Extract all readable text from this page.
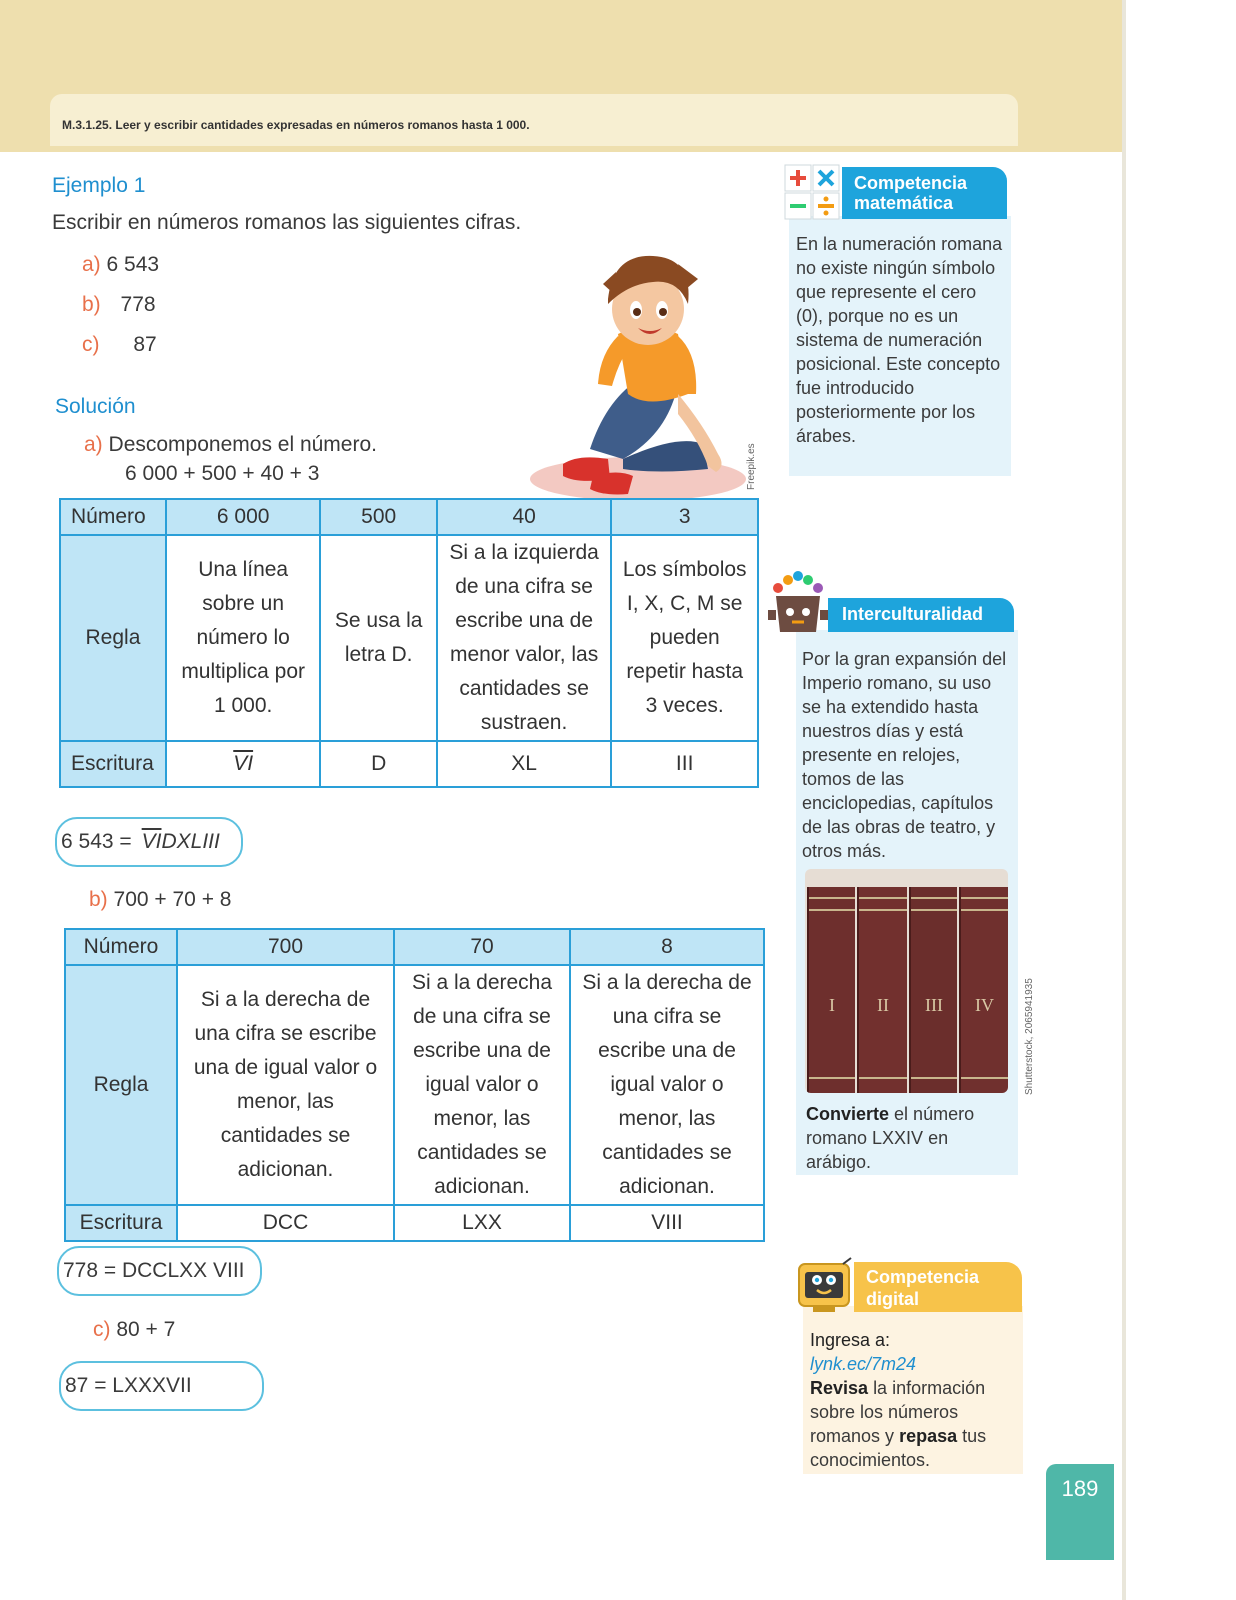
M.3.1.25. Leer y escribir cantidades expresadas en números romanos hasta 1 000.
Ejemplo 1
Escribir en números romanos las siguientes cifras.
a) 6 543
b) 778
c) 87
Solución
a) Descomponemos el número.
6 000 + 500 + 40 + 3	Freepik.es
Número	6 000	500	40	3
Regla	Una línea sobre un número lo multiplica por 1 000.	Se usa la letra D.	Si a la izquierda de una cifra se escribe una de menor valor, las cantidades se sustraen.	Los símbolos I, X, C, M se pueden repetir hasta 3 veces.
Escritura	$\overline{VI}$	D	XL	III
6 $543 = \overline{VI}$ DXLIII
b) 700 + 70 + 8
Número	700	70	8
Regla	Si a la derecha de una cifra se escribe una de igual valor o menor, las cantidades se adicionan.	Si a la derecha de una cifra se escribe una de igual valor o menor, las cantidades se adicionan.	Si a la derecha de una cifra se escribe una de igual valor o menor, las cantidades se adicionan.
Escritura	DCC	LXX	VIII
778 = DCCLXX VIII
c) 80 + 7
87 = LXXXVII
Competencia
matemática
En la numeración romana no existe ningún símbolo que represente el cero (0), porque no es un sistema de numeración posicional. Este concepto fue introducido posteriormente por los árabes.
Interculturalidad
Por la gran expansión del Imperio romano, su uso se ha extendido hasta nuestros días y está presente en relojes, tomos de las enciclopedias, capítulos de las obras de teatro, y otros más.
I	II	III	IV	Shutterstock, 2065941935
Convierte el número romano LXXIV en arábigo.
Competencia
digital
Ingresa a:
lynk.ec/7m24
Revisa la información sobre los números romanos y repasa tus conocimientos.
189
